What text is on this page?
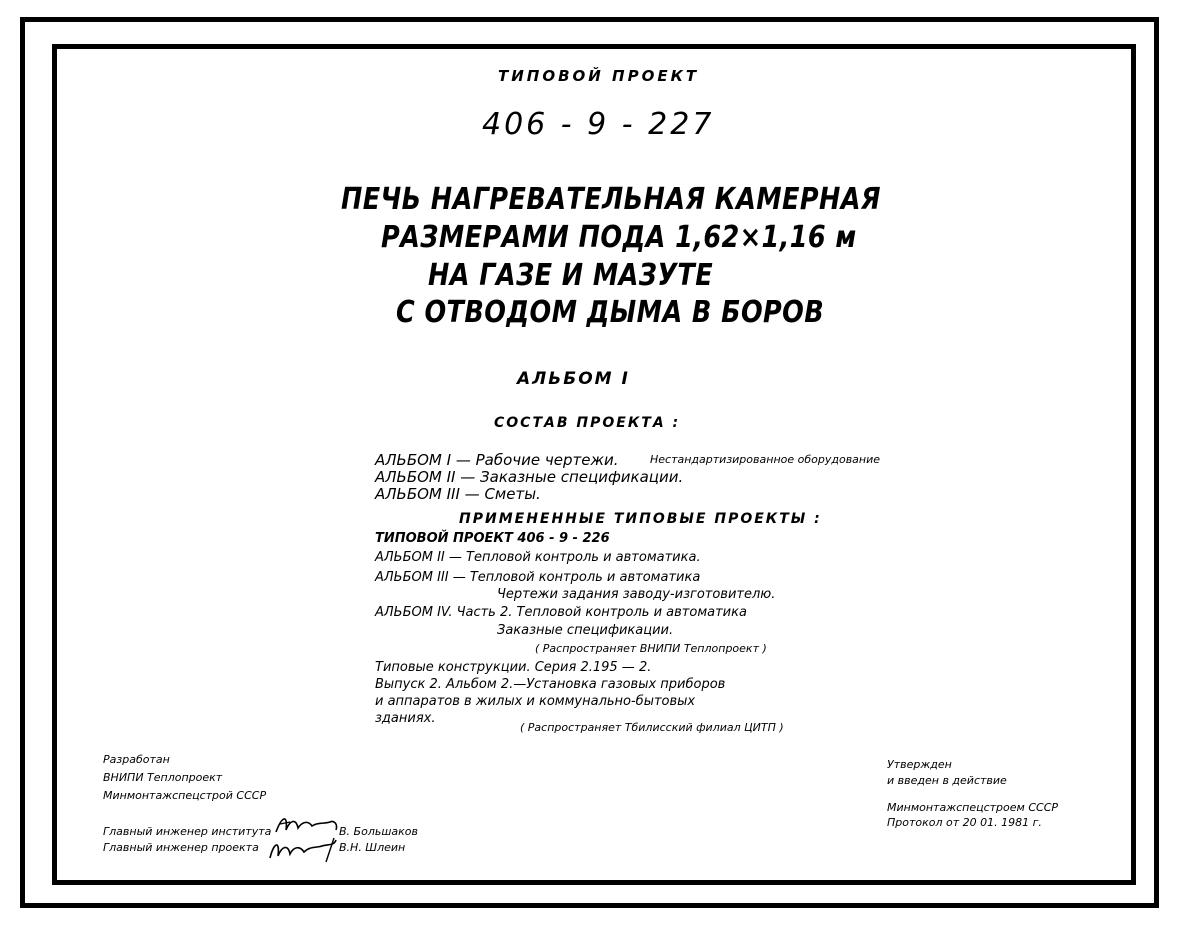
ТИПОВОЙ ПРОЕКТ
406 - 9 - 227
ПЕЧЬ НАГРЕВАТЕЛЬНАЯ КАМЕРНАЯ
РАЗМЕРАМИ ПОДА 1,62×1,16 м
НА ГАЗЕ И МАЗУТЕ
С ОТВОДОМ ДЫМА В БОРОВ
АЛЬБОМ I
СОСТАВ ПРОЕКТА :
АЛЬБОМ I — Рабочие чертежи.	Нестандартизированное оборудование
АЛЬБОМ II — Заказные спецификации.
АЛЬБОМ III — Сметы.
ПРИМЕНЕННЫЕ ТИПОВЫЕ ПРОЕКТЫ :
ТИПОВОЙ ПРОЕКТ 406 - 9 - 226
АЛЬБОМ II — Тепловой контроль и автоматика.
АЛЬБОМ III — Тепловой контроль и автоматика
Чертежи задания заводу-изготовителю.
АЛЬБОМ IV. Часть 2. Тепловой контроль и автоматика
Заказные спецификации.
( Распространяет ВНИПИ Теплопроект )
Типовые конструкции. Серия 2.195 — 2.
Выпуск 2. Альбом 2.—Установка газовых приборов
и аппаратов в жилых и коммунально-бытовых
зданиях.
( Распространяет Тбилисский филиал ЦИТП )
Разработан
ВНИПИ Теплопроект
Минмонтажспецстрой СССР
Главный инженер института	В. Большаков
Главный инженер проекта	В.Н. Шлеин
Утвержден
и введен в действие
Минмонтажспецстроем СССР
Протокол от 20 01. 1981 г.
